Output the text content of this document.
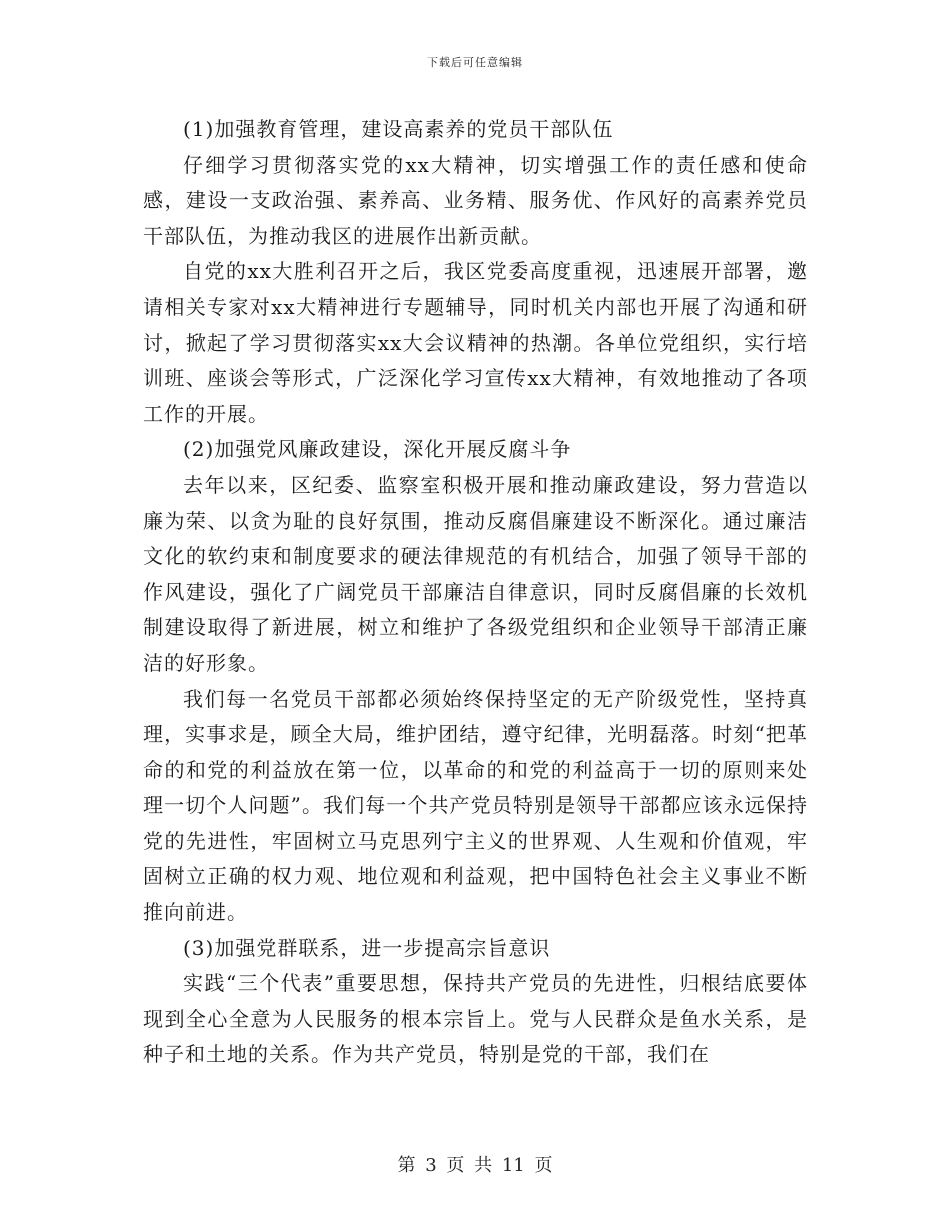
下载后可任意编辑

(1)加强教育管理，建设高素养的党员干部队伍

仔细学习贯彻落实党的xx大精神，切实增强工作的责任感和使命感，建设一支政治强、素养高、业务精、服务优、作风好的高素养党员干部队伍，为推动我区的进展作出新贡献。

自党的xx大胜利召开之后，我区党委高度重视，迅速展开部署，邀请相关专家对xx大精神进行专题辅导，同时机关内部也开展了沟通和研讨，掀起了学习贯彻落实xx大会议精神的热潮。各单位党组织，实行培训班、座谈会等形式，广泛深化学习宣传xx大精神，有效地推动了各项工作的开展。

(2)加强党风廉政建设，深化开展反腐斗争

去年以来，区纪委、监察室积极开展和推动廉政建设，努力营造以廉为荣、以贪为耻的良好氛围，推动反腐倡廉建设不断深化。通过廉洁文化的软约束和制度要求的硬法律规范的有机结合，加强了领导干部的作风建设，强化了广阔党员干部廉洁自律意识，同时反腐倡廉的长效机制建设取得了新进展，树立和维护了各级党组织和企业领导干部清正廉洁的好形象。

我们每一名党员干部都必须始终保持坚定的无产阶级党性，坚持真理，实事求是，顾全大局，维护团结，遵守纪律，光明磊落。时刻“把革命的和党的利益放在第一位，以革命的和党的利益高于一切的原则来处理一切个人问题”。我们每一个共产党员特别是领导干部都应该永远保持党的先进性，牢固树立马克思列宁主义的世界观、人生观和价值观，牢固树立正确的权力观、地位观和利益观，把中国特色社会主义事业不断推向前进。

(3)加强党群联系，进一步提高宗旨意识

实践“三个代表”重要思想，保持共产党员的先进性，归根结底要体现到全心全意为人民服务的根本宗旨上。党与人民群众是鱼水关系，是种子和土地的关系。作为共产党员，特别是党的干部，我们在

第 3 页 共 11 页
